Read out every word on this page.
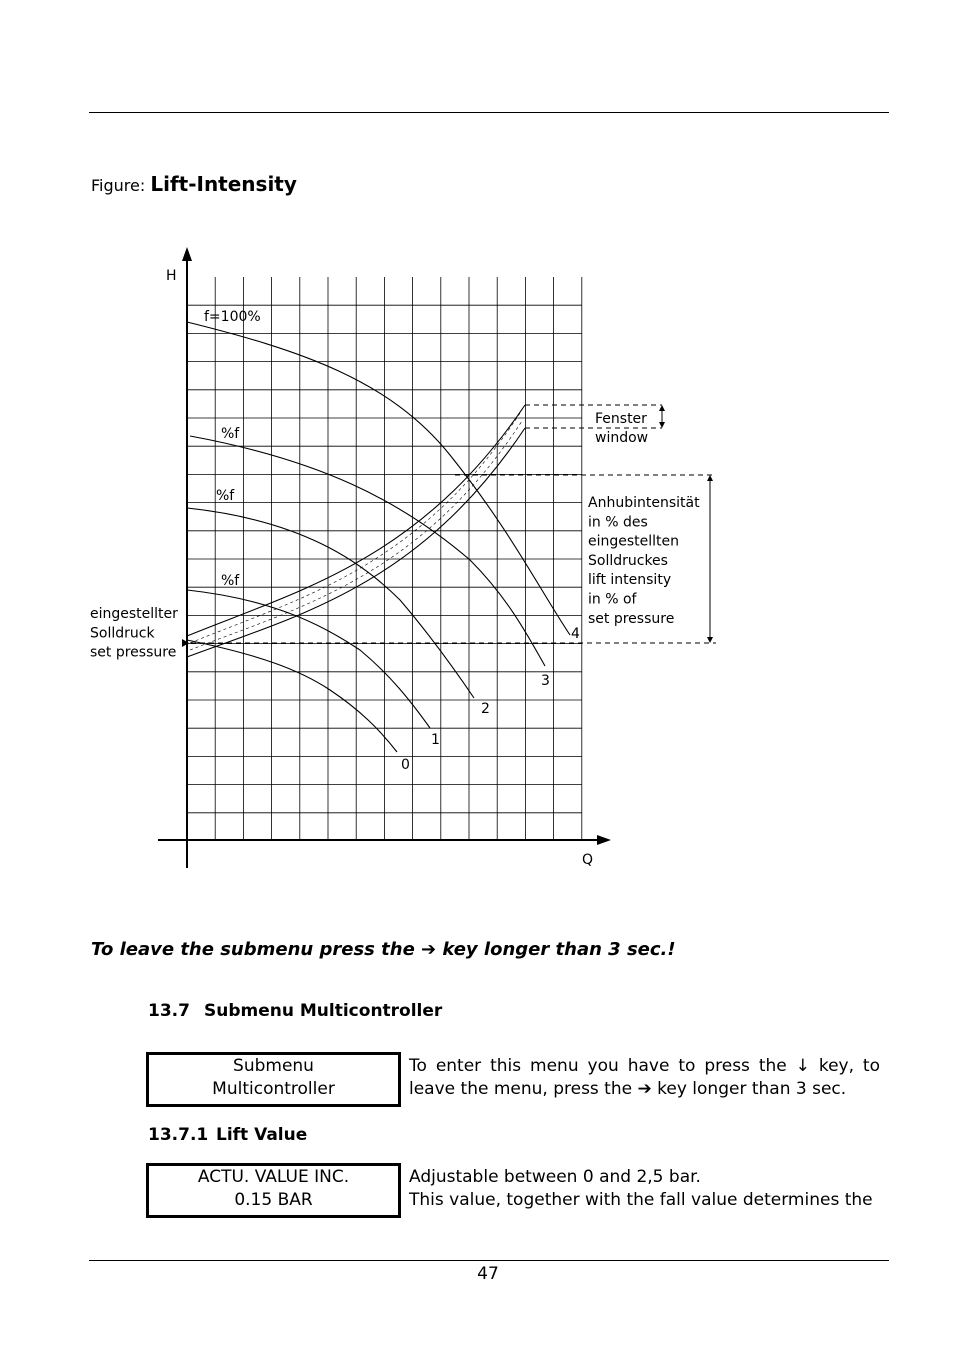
Figure: Lift-Intensity
H
Q
f=100%
%f
%f
%f
Fenster
window
Anhubintensität
in % des
eingestellten
Solldruckes
lift intensity
in % of
set pressure
eingestellter
Solldruck
set pressure
0
1
2
3
4
To leave the submenu press the ➔ key longer than 3 sec.!
13.7 Submenu Multicontroller
Submenu
Multicontroller
To enter this menu you have to press the ↓ key, to leave the menu, press the ➔ key longer than 3 sec.
13.7.1 Lift Value
ACTU. VALUE INC.
0.15 BAR
Adjustable between 0 and 2,5 bar.
This value, together with the fall value determines the
47
